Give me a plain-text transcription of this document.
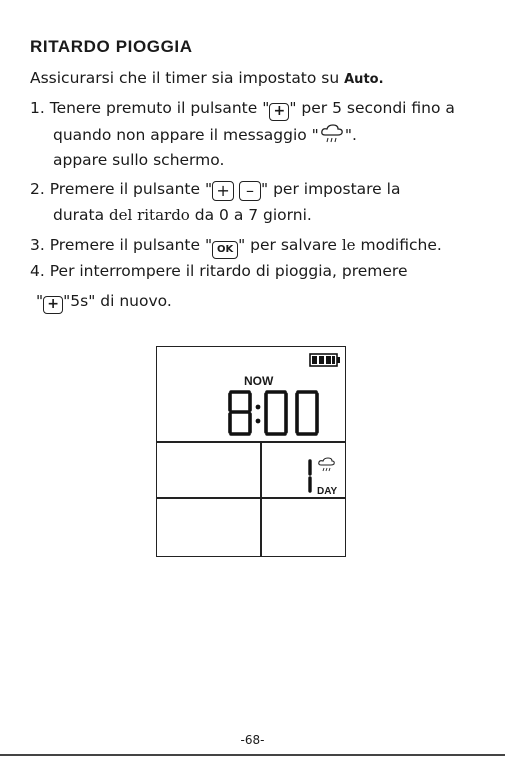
RITARDO PIOGGIA
Assicurarsi che il timer sia impostato su Auto.
1. Tenere premuto il pulsante " + " per 5 secondi fino a
quando non appare il messaggio " ".
appare sullo schermo.
2. Premere il pulsante " + – " per impostare la
durata del ritardo da 0 a 7 giorni.
3. Premere il pulsante " OK " per salvare le modifiche.
4. Per interrompere il ritardo di pioggia, premere
" + "5s" di nuovo.
NOW
DAY
-68-
